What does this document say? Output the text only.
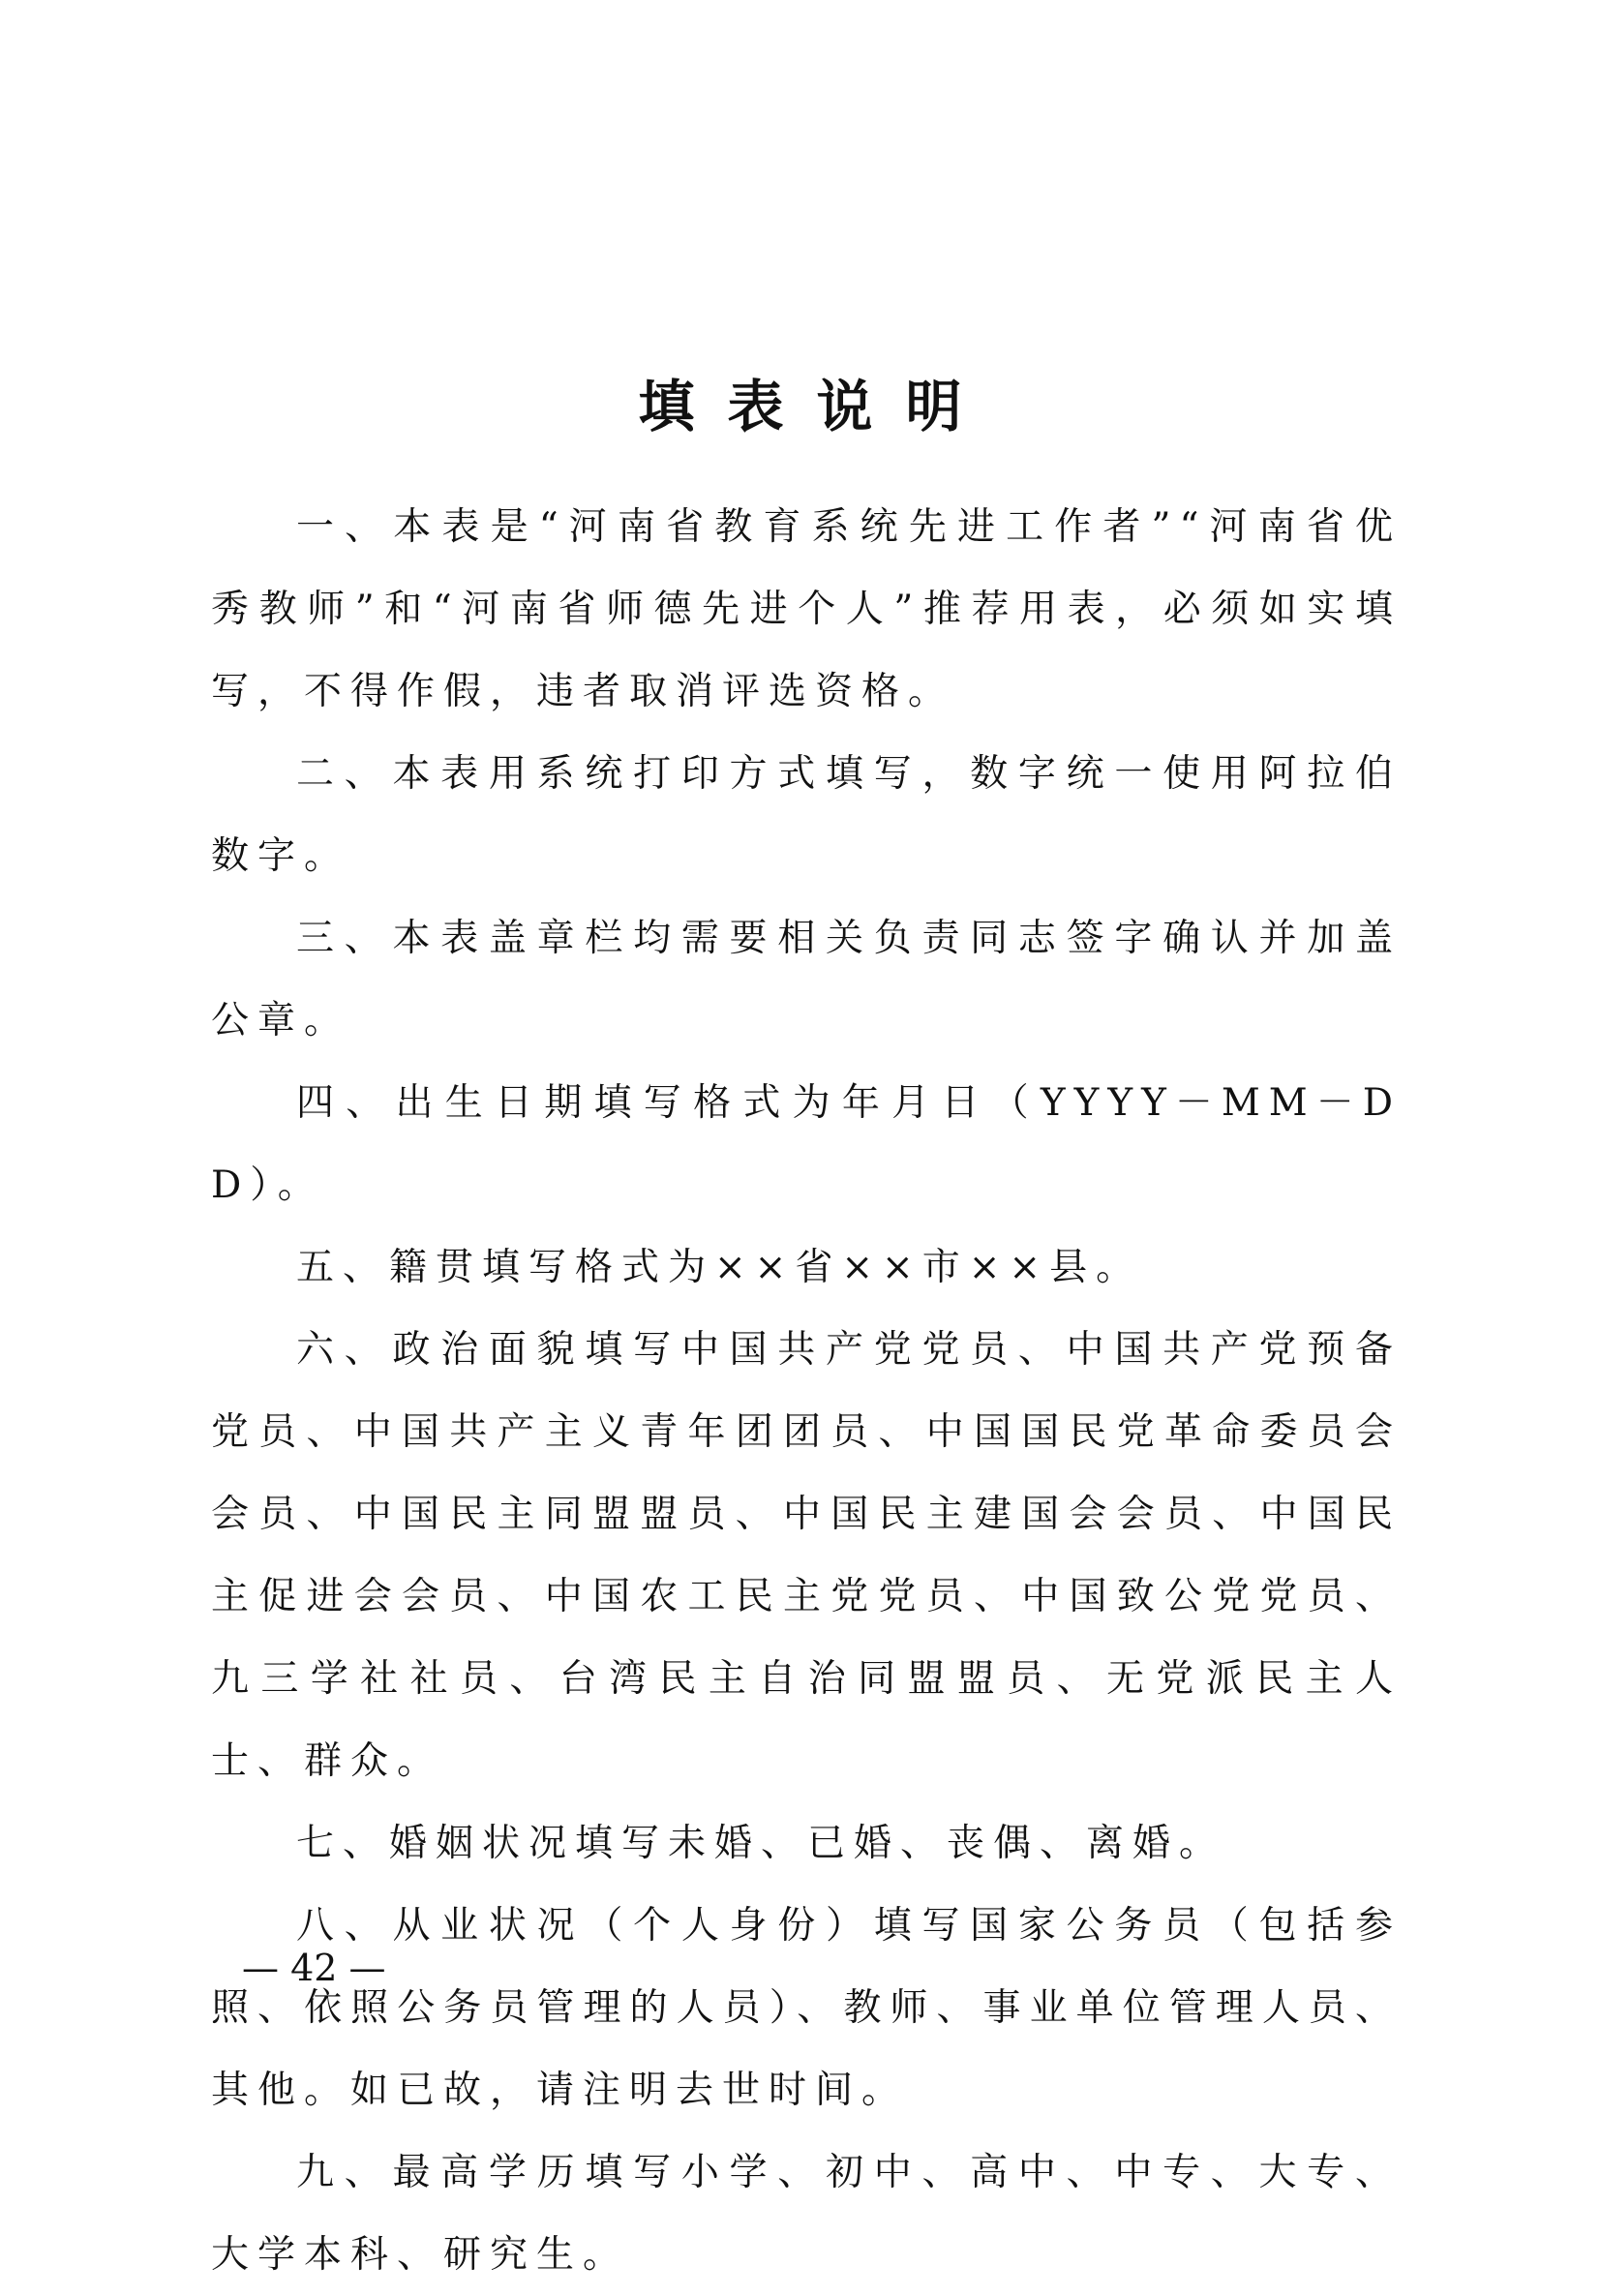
填表说明

一、本表是“河南省教育系统先进工作者”“河南省优秀教师”和“河南省师德先进个人”推荐用表，必须如实填写，不得作假，违者取消评选资格。

二、本表用系统打印方式填写，数字统一使用阿拉伯数字。

三、本表盖章栏均需要相关负责同志签字确认并加盖公章。

四、出生日期填写格式为年月日（YYYY－MM－DD）。

五、籍贯填写格式为××省××市××县。

六、政治面貌填写中国共产党党员、中国共产党预备党员、中国共产主义青年团团员、中国国民党革命委员会会员、中国民主同盟盟员、中国民主建国会会员、中国民主促进会会员、中国农工民主党党员、中国致公党党员、九三学社社员、台湾民主自治同盟盟员、无党派民主人士、群众。

七、婚姻状况填写未婚、已婚、丧偶、离婚。

八、从业状况（个人身份）填写国家公务员（包括参照、依照公务员管理的人员）、教师、事业单位管理人员、其他。如已故，请注明去世时间。

九、最高学历填写小学、初中、高中、中专、大专、大学本科、研究生。

— 42 —
